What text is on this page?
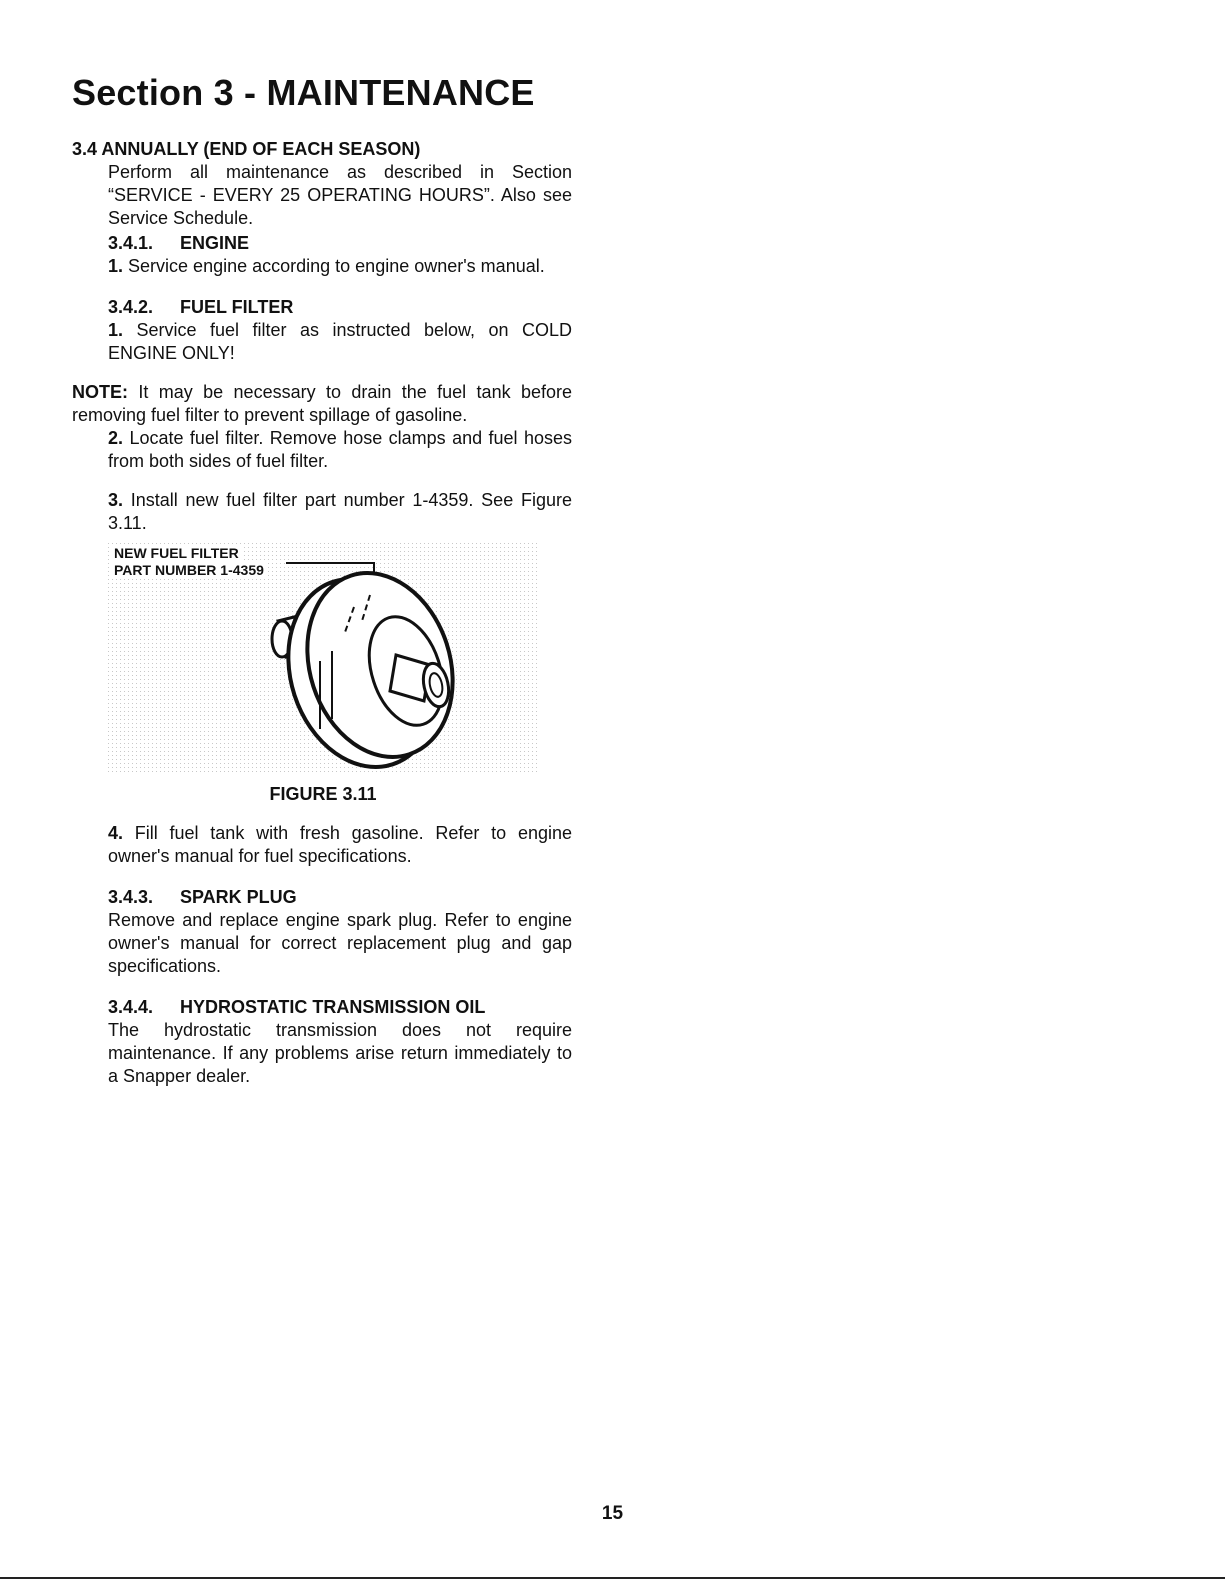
Section 3 - MAINTENANCE
3.4 ANNUALLY (END OF EACH SEASON)

Perform all maintenance as described in Section “SERVICE - EVERY 25 OPERATING HOURS”. Also see Service Schedule.

3.4.1. ENGINE

1. Service engine according to engine owner's manual.

3.4.2. FUEL FILTER

1. Service fuel filter as instructed below, on COLD ENGINE ONLY!

NOTE: It may be necessary to drain the fuel tank before removing fuel filter to prevent spillage of gasoline.

2. Locate fuel filter. Remove hose clamps and fuel hoses from both sides of fuel filter.

3. Install new fuel filter part number 1-4359. See Figure 3.11.

NEW FUEL FILTER
PART NUMBER 1-4359
FIGURE 3.11

4. Fill fuel tank with fresh gasoline. Refer to engine owner's manual for fuel specifications.

3.4.3. SPARK PLUG

Remove and replace engine spark plug. Refer to engine owner's manual for correct replacement plug and gap specifications.

3.4.4. HYDROSTATIC TRANSMISSION OIL

The hydrostatic transmission does not require maintenance. If any problems arise return immediately to a Snapper dealer.

15
